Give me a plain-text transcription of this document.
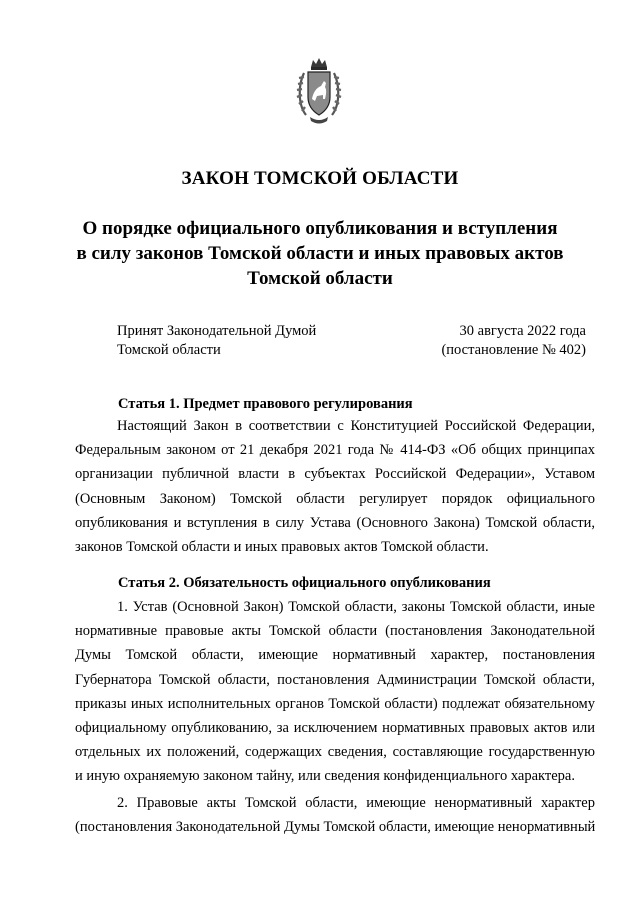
ЗАКОН ТОМСКОЙ ОБЛАСТИ
О порядке официального опубликования и вступления
в силу законов Томской области и иных правовых актов
Томской области
Принят Законодательной Думой
Томской области
30 августа 2022 года
(постановление № 402)
Статья 1. Предмет правового регулирования
Настоящий Закон в соответствии с Конституцией Российской Федерации,
Федеральным законом от 21 декабря 2021 года № 414-ФЗ «Об общих принципах
организации публичной власти в субъектах Российской Федерации», Уставом
(Основным Законом) Томской области регулирует порядок официального
опубликования и вступления в силу Устава (Основного Закона) Томской области,
законов Томской области и иных правовых актов Томской области.
Статья 2. Обязательность официального опубликования
1. Устав (Основной Закон) Томской области, законы Томской области, иные
нормативные правовые акты Томской области (постановления Законодательной
Думы Томской области, имеющие нормативный характер, постановления
Губернатора Томской области, постановления Администрации Томской области,
приказы иных исполнительных органов Томской области) подлежат обязательному
официальному опубликованию, за исключением нормативных правовых актов или
отдельных их положений, содержащих сведения, составляющие государственную
и иную охраняемую законом тайну, или сведения конфиденциального характера.
2. Правовые акты Томской области, имеющие ненормативный характер
(постановления Законодательной Думы Томской области, имеющие ненормативный
